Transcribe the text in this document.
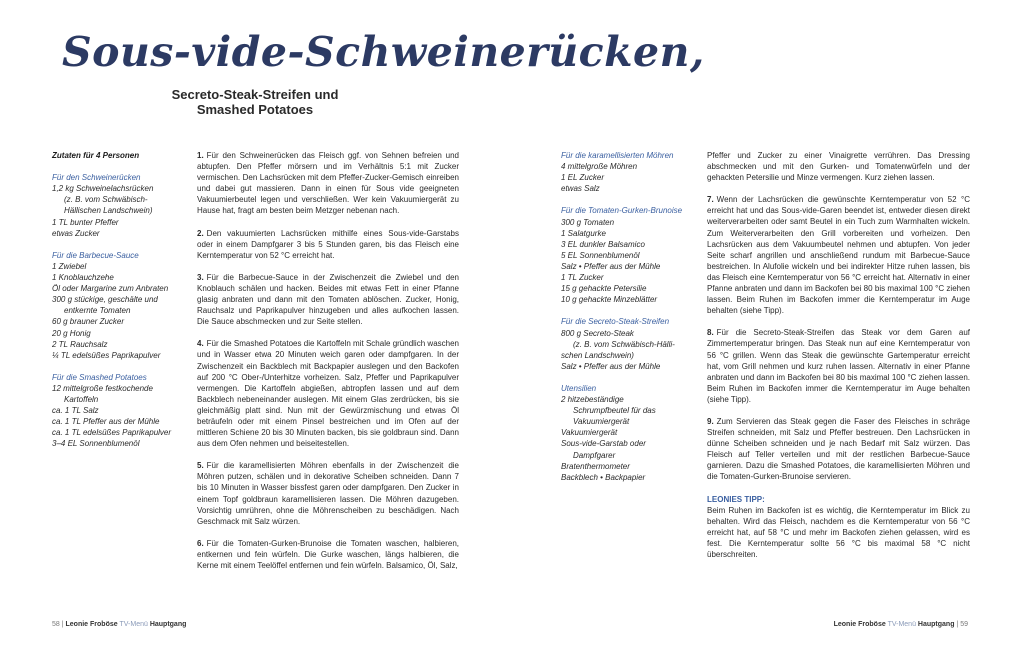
Sous-vide-Schweinerücken,
Secreto-Steak-Streifen und Smashed Potatoes
Zutaten für 4 Personen
Für den Schweinerücken
1,2 kg Schweinelachsrücken
(z. B. vom Schwäbisch-
Hällischen Landschwein)
1 TL bunter Pfeffer
etwas Zucker
Für die Barbecue-Sauce
1 Zwiebel
1 Knoblauchzehe
Öl oder Margarine zum Anbraten
300 g stückige, geschälte und
entkernte Tomaten
60 g brauner Zucker
20 g Honig
2 TL Rauchsalz
¼ TL edelsüßes Paprikapulver
Für die Smashed Potatoes
12 mittelgroße festkochende
Kartoffeln
ca. 1 TL Salz
ca. 1 TL Pfeffer aus der Mühle
ca. 1 TL edelsüßes Paprikapulver
3–4 EL Sonnenblumenöl

1. Für den Schweinerücken das Fleisch ggf. von Sehnen befreien und abtupfen. Den Pfeffer mörsern und im Verhältnis 5:1 mit Zucker vermischen. Den Lachsrücken mit dem Pfeffer-Zucker-Gemisch einreiben und dabei gut massieren. Dann in einen für Sous vide geeigneten Vakuumierbeutel legen und verschließen. Wer kein Vakuumiergerät zu Hause hat, fragt am besten beim Metzger nebenan nach.

2. Den vakuumierten Lachsrücken mithilfe eines Sous-vide-Garstabs oder in einem Dampfgarer 3 bis 5 Stunden garen, bis das Fleisch eine Kerntemperatur von 52 °C erreicht hat.

3. Für die Barbecue-Sauce in der Zwischenzeit die Zwiebel und den Knoblauch schälen und hacken. Beides mit etwas Fett in einer Pfanne glasig anbraten und dann mit den Tomaten ablöschen. Zucker, Honig, Rauchsalz und Paprikapulver hinzugeben und alles aufkochen lassen. Die Sauce abschmecken und zur Seite stellen.

4. Für die Smashed Potatoes die Kartoffeln mit Schale gründlich waschen und in Wasser etwa 20 Minuten weich garen oder dampfgaren. In der Zwischenzeit ein Backblech mit Backpapier auslegen und den Backofen auf 200 °C Ober-/Unterhitze vorheizen. Salz, Pfeffer und Paprikapulver vermengen. Die Kartoffeln abgießen, abtropfen lassen und auf dem Backblech nebeneinander auslegen. Mit einem Glas zerdrücken, bis sie gleichmäßig platt sind. Nun mit der Gewürzmischung und etwas Öl beträufeln oder mit einem Pinsel bestreichen und im Ofen auf der mittleren Schiene 20 bis 30 Minuten backen, bis sie goldbraun sind. Dann aus dem Ofen nehmen und beiseitestellen.

5. Für die karamellisierten Möhren ebenfalls in der Zwischenzeit die Möhren putzen, schälen und in dekorative Scheiben schneiden. Dann 7 bis 10 Minuten in Wasser bissfest garen oder dampfgaren. Den Zucker in einem Topf goldbraun karamellisieren lassen. Die Möhren dazugeben. Vorsichtig umrühren, ohne die Möhrenscheiben zu beschädigen. Nach Geschmack mit Salz würzen.

6. Für die Tomaten-Gurken-Brunoise die Tomaten waschen, halbieren, entkernen und fein würfeln. Die Gurke waschen, längs halbieren, die Kerne mit einem Teelöffel entfernen und fein würfeln. Balsamico, Öl, Salz,

Für die karamellisierten Möhren
4 mittelgroße Möhren
1 EL Zucker
etwas Salz
Für die Tomaten-Gurken-Brunoise
300 g Tomaten
1 Salatgurke
3 EL dunkler Balsamico
5 EL Sonnenblumenöl
Salz • Pfeffer aus der Mühle
1 TL Zucker
15 g gehackte Petersilie
10 g gehackte Minzeblätter
Für die Secreto-Steak-Streifen
800 g Secreto-Steak
(z. B. vom Schwäbisch-Hälli-
schen Landschwein)
Salz • Pfeffer aus der Mühle
Utensilien
2 hitzebeständige
Schrumpfbeutel für das
Vakuumiergerät
Vakuumiergerät
Sous-vide-Garstab oder
Dampfgarer
Bratenthermometer
Backblech • Backpapier

Pfeffer und Zucker zu einer Vinaigrette verrühren. Das Dressing abschmecken und mit den Gurken- und Tomatenwürfeln und der gehackten Petersilie und Minze vermengen. Kurz ziehen lassen.

7. Wenn der Lachsrücken die gewünschte Kerntemperatur von 52 °C erreicht hat und das Sous-vide-Garen beendet ist, entweder diesen direkt weiterverarbeiten oder samt Beutel in ein Tuch zum Warmhalten wickeln. Zum Weiterverarbeiten den Grill vorbereiten und vorheizen. Den Lachsrücken aus dem Vakuumbeutel nehmen und abtupfen. Von jeder Seite scharf angrillen und anschließend rundum mit Barbecue-Sauce bestreichen. In Alufolie wickeln und bei indirekter Hitze ruhen lassen, bis das Fleisch eine Kerntemperatur von 56 °C erreicht hat. Alternativ in einer Pfanne anbraten und dann im Backofen bei 80 bis maximal 100 °C ziehen lassen. Beim Ruhen im Backofen immer die Kerntemperatur im Auge behalten (siehe Tipp).

8. Für die Secreto-Steak-Streifen das Steak vor dem Garen auf Zimmertemperatur bringen. Das Steak nun auf eine Kerntemperatur von 56 °C grillen. Wenn das Steak die gewünschte Gartemperatur erreicht hat, vom Grill nehmen und kurz ruhen lassen. Alternativ in einer Pfanne anbraten und dann im Backofen bei 80 bis maximal 100 °C ziehen lassen. Beim Ruhen im Backofen immer die Kerntemperatur im Auge behalten (siehe Tipp).

9. Zum Servieren das Steak gegen die Faser des Fleisches in schräge Streifen schneiden, mit Salz und Pfeffer bestreuen. Den Lachsrücken in dünne Scheiben schneiden und je nach Bedarf mit Salz würzen. Das Fleisch auf Teller verteilen und mit der restlichen Barbecue-Sauce garnieren. Dazu die Smashed Potatoes, die karamellisierten Möhren und die Tomaten-Gurken-Brunoise servieren.

LEONIES TIPP:

Beim Ruhen im Backofen ist es wichtig, die Kerntemperatur im Blick zu behalten. Wird das Fleisch, nachdem es die Kerntemperatur von 56 °C erreicht hat, auf 58 °C und mehr im Backofen ziehen gelassen, wird es fest. Die Kerntemperatur sollte 56 °C bis maximal 58 °C nicht überschreiten.

58 | Leonie Froböse TV-Menü Hauptgang	Leonie Froböse TV-Menü Hauptgang | 59
